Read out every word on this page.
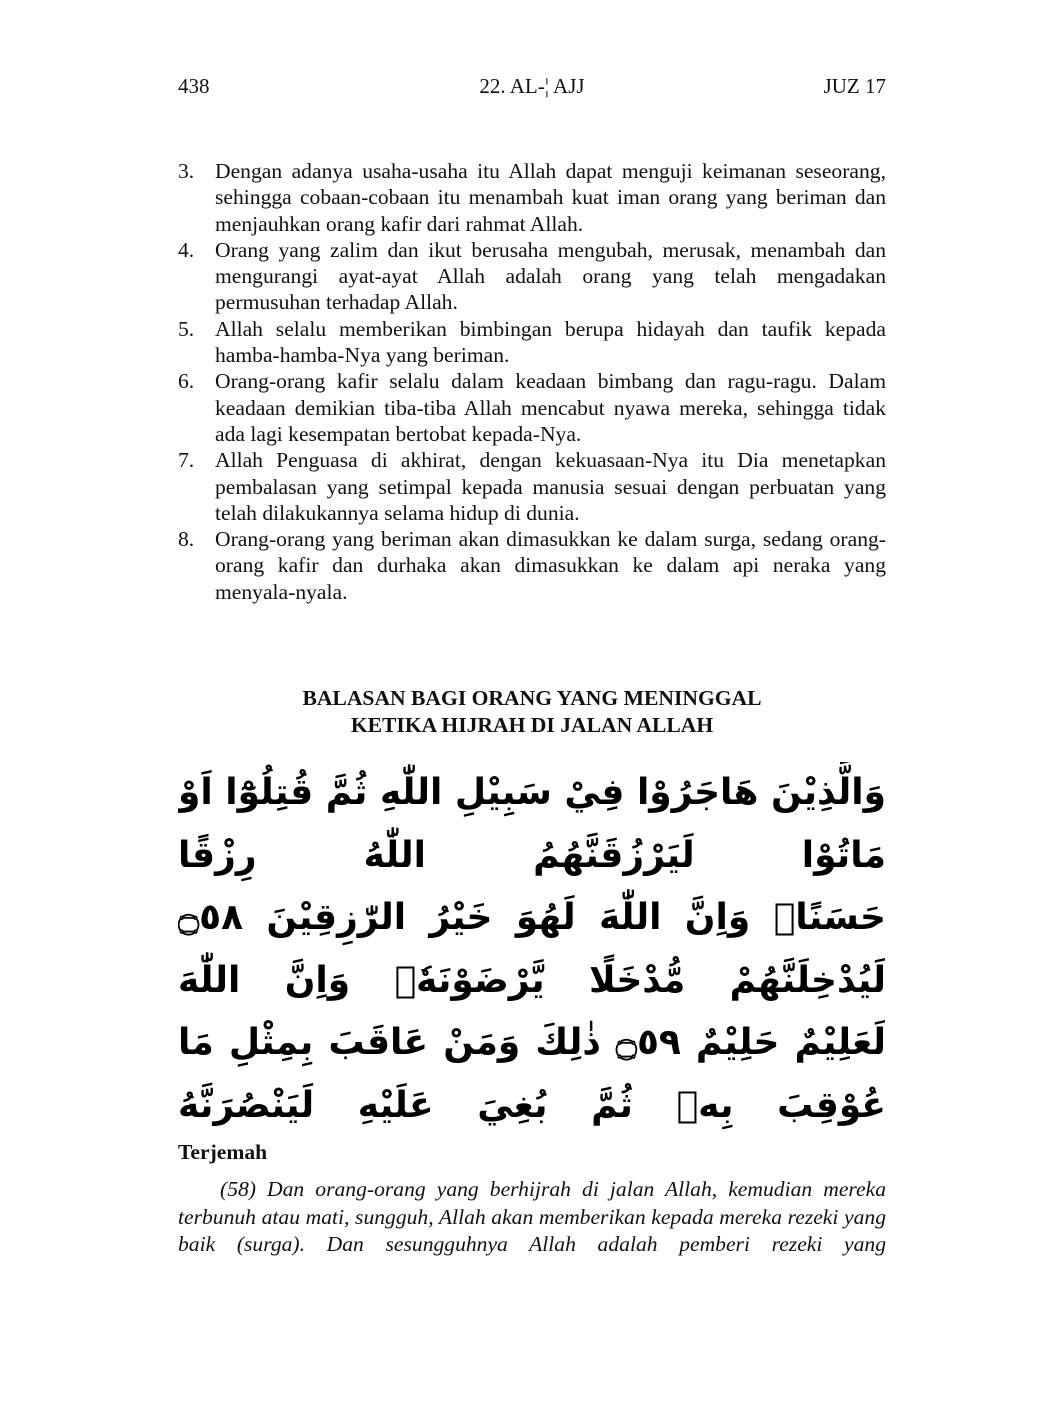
438	22. AL-¦ AJJ	JUZ 17
3. Dengan adanya usaha-usaha itu Allah dapat menguji keimanan seseorang, sehingga cobaan-cobaan itu menambah kuat iman orang yang beriman dan menjauhkan orang kafir dari rahmat Allah.
4. Orang yang zalim dan ikut berusaha mengubah, merusak, menambah dan mengurangi ayat-ayat Allah adalah orang yang telah mengadakan permusuhan terhadap Allah.
5. Allah selalu memberikan bimbingan berupa hidayah dan taufik kepada hamba-hamba-Nya yang beriman.
6. Orang-orang kafir selalu dalam keadaan bimbang dan ragu-ragu. Dalam keadaan demikian tiba-tiba Allah mencabut nyawa mereka, sehingga tidak ada lagi kesempatan bertobat kepada-Nya.
7. Allah Penguasa di akhirat, dengan kekuasaan-Nya itu Dia menetapkan pembalasan yang setimpal kepada manusia sesuai dengan perbuatan yang telah dilakukannya selama hidup di dunia.
8. Orang-orang yang beriman akan dimasukkan ke dalam surga, sedang orang-orang kafir dan durhaka akan dimasukkan ke dalam api neraka yang menyala-nyala.
BALASAN BAGI ORANG YANG MENINGGAL
KETIKA HIJRAH DI JALAN ALLAH
وَالَّذِيْنَ هَاجَرُوْا فِيْ سَبِيْلِ اللّٰهِ ثُمَّ قُتِلُوْٓا اَوْ مَاتُوْا لَيَرْزُقَنَّهُمُ اللّٰهُ رِزْقًا
حَسَنًاۗ وَاِنَّ اللّٰهَ لَهُوَ خَيْرُ الرّٰزِقِيْنَ ۝٥٨ لَيُدْخِلَنَّهُمْ مُّدْخَلًا يَّرْضَوْنَهٗۗ وَاِنَّ اللّٰهَ
لَعَلِيْمٌ حَلِيْمٌ ۝٥٩ ذٰلِكَ وَمَنْ عَاقَبَ بِمِثْلِ مَا عُوْقِبَ بِهٖ ثُمَّ بُغِيَ عَلَيْهِ لَيَنْصُرَنَّهُ
Terjemah

(58) Dan orang-orang yang berhijrah di jalan Allah, kemudian mereka terbunuh atau mati, sungguh, Allah akan memberikan kepada mereka rezeki yang baik (surga). Dan sesungguhnya Allah adalah pemberi rezeki yang
